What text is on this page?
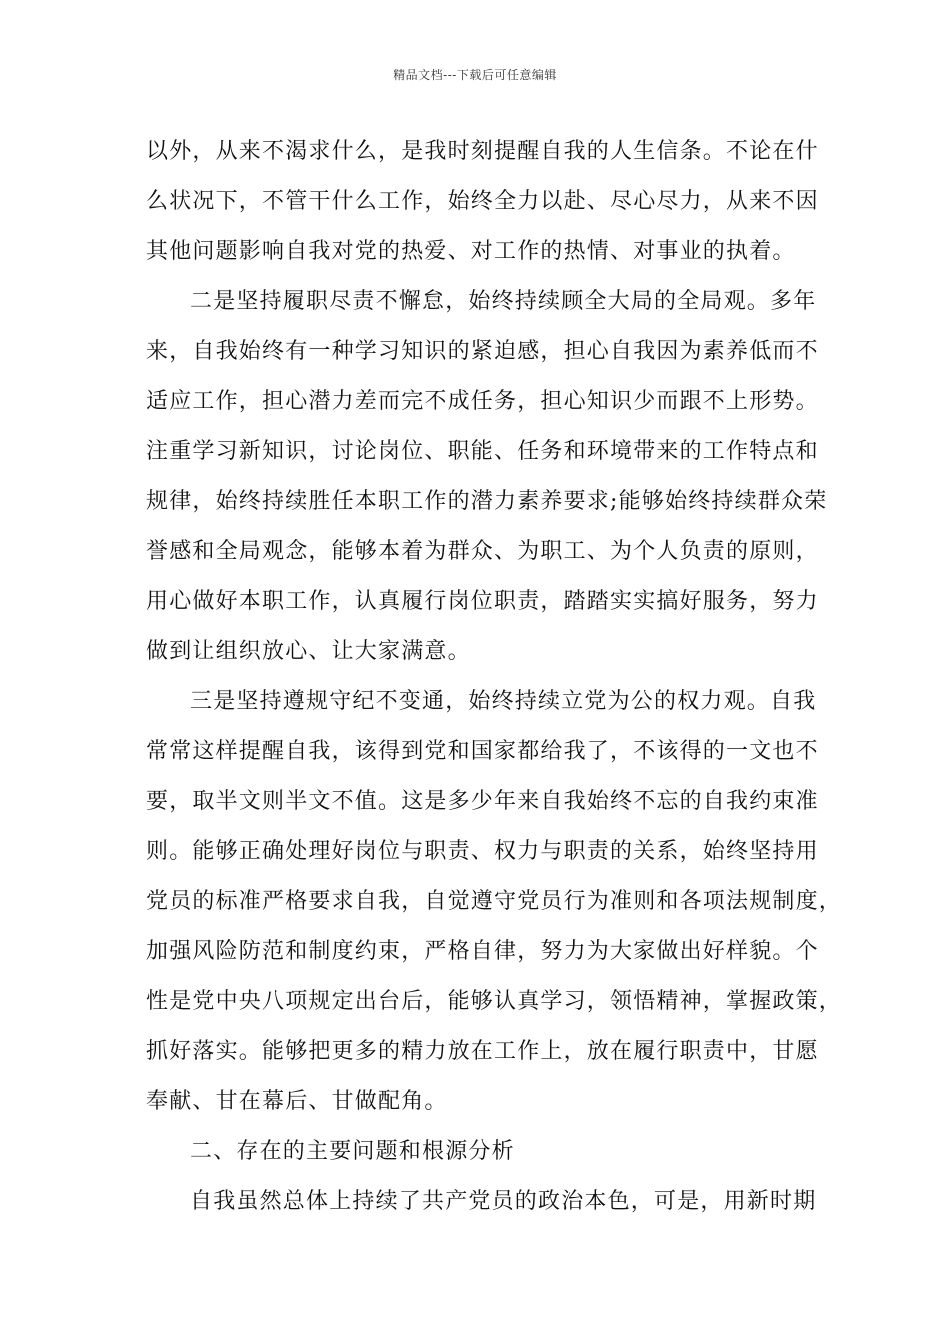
精品文档---下载后可任意编辑
以外，从来不渴求什么，是我时刻提醒自我的人生信条。不论在什
么状况下，不管干什么工作，始终全力以赴、尽心尽力，从来不因
其他问题影响自我对党的热爱、对工作的热情、对事业的执着。
二是坚持履职尽责不懈怠，始终持续顾全大局的全局观。多年
来，自我始终有一种学习知识的紧迫感，担心自我因为素养低而不
适应工作，担心潜力差而完不成任务，担心知识少而跟不上形势。
注重学习新知识，讨论岗位、职能、任务和环境带来的工作特点和
规律，始终持续胜任本职工作的潜力素养要求;能够始终持续群众荣
誉感和全局观念，能够本着为群众、为职工、为个人负责的原则，
用心做好本职工作，认真履行岗位职责，踏踏实实搞好服务，努力
做到让组织放心、让大家满意。
三是坚持遵规守纪不变通，始终持续立党为公的权力观。自我
常常这样提醒自我，该得到党和国家都给我了，不该得的一文也不
要，取半文则半文不值。这是多少年来自我始终不忘的自我约束准
则。能够正确处理好岗位与职责、权力与职责的关系，始终坚持用
党员的标准严格要求自我，自觉遵守党员行为准则和各项法规制度，
加强风险防范和制度约束，严格自律，努力为大家做出好样貌。个
性是党中央八项规定出台后，能够认真学习，领悟精神，掌握政策，
抓好落实。能够把更多的精力放在工作上，放在履行职责中，甘愿
奉献、甘在幕后、甘做配角。
二、存在的主要问题和根源分析
自我虽然总体上持续了共产党员的政治本色，可是，用新时期
